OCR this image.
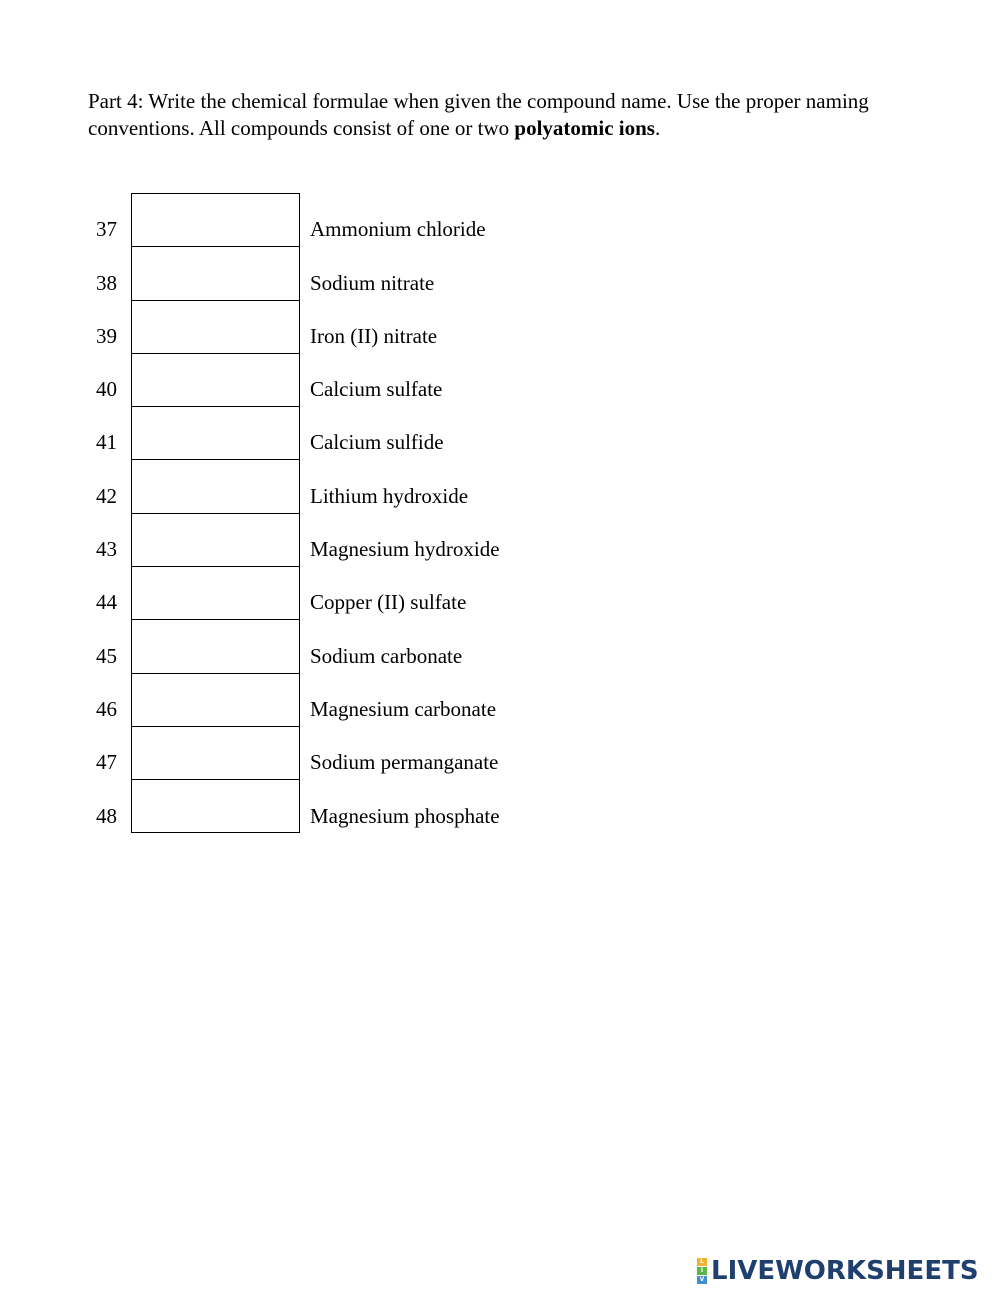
Part 4: Write the chemical formulae when given the compound name. Use the proper naming conventions. All compounds consist of one or two polyatomic ions.
37	Ammonium chloride
38	Sodium nitrate
39	Iron (II) nitrate
40	Calcium sulfate
41	Calcium sulfide
42	Lithium hydroxide
43	Magnesium hydroxide
44	Copper (II) sulfate
45	Sodium carbonate
46	Magnesium carbonate
47	Sodium permanganate
48	Magnesium phosphate
L
I
V LIVEWORKSHEETS
